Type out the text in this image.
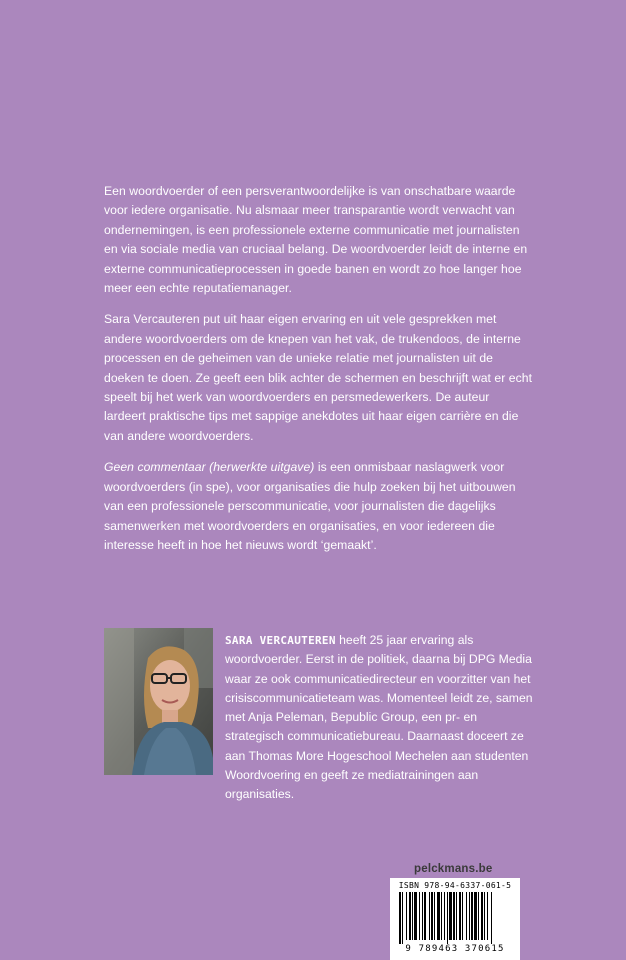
Een woordvoerder of een persverantwoordelijke is van onschatbare waarde voor iedere organisatie. Nu alsmaar meer transparantie wordt verwacht van ondernemingen, is een professionele externe communicatie met journalisten en via sociale media van cruciaal belang. De woordvoerder leidt de interne en externe communicatieprocessen in goede banen en wordt zo hoe langer hoe meer een echte reputatiemanager.

Sara Vercauteren put uit haar eigen ervaring en uit vele gesprekken met andere woordvoerders om de knepen van het vak, de trukendoos, de interne processen en de geheimen van de unieke relatie met journalisten uit de doeken te doen. Ze geeft een blik achter de schermen en beschrijft wat er echt speelt bij het werk van woordvoerders en persmedewerkers. De auteur lardeert praktische tips met sappige anekdotes uit haar eigen carrière en die van andere woordvoerders.

Geen commentaar (herwerkte uitgave) is een onmisbaar naslagwerk voor woordvoerders (in spe), voor organisaties die hulp zoeken bij het uitbouwen van een professionele perscommunicatie, voor journalisten die dagelijks samenwerken met woordvoerders en organisaties, en voor iedereen die interesse heeft in hoe het nieuws wordt ‘gemaakt’.

SARA VERCAUTEREN heeft 25 jaar ervaring als woordvoerder. Eerst in de politiek, daarna bij DPG Media waar ze ook communicatiedirecteur en voorzitter van het crisiscommunicatieteam was. Momenteel leidt ze, samen met Anja Peleman, Bepublic Group, een pr- en strategisch communicatiebureau. Daarnaast doceert ze aan Thomas More Hogeschool Mechelen aan studenten Woordvoering en geeft ze mediatrainingen aan organisaties.
pelckmans.be
ISBN 978-94-6337-061-5
9 789463 370615
